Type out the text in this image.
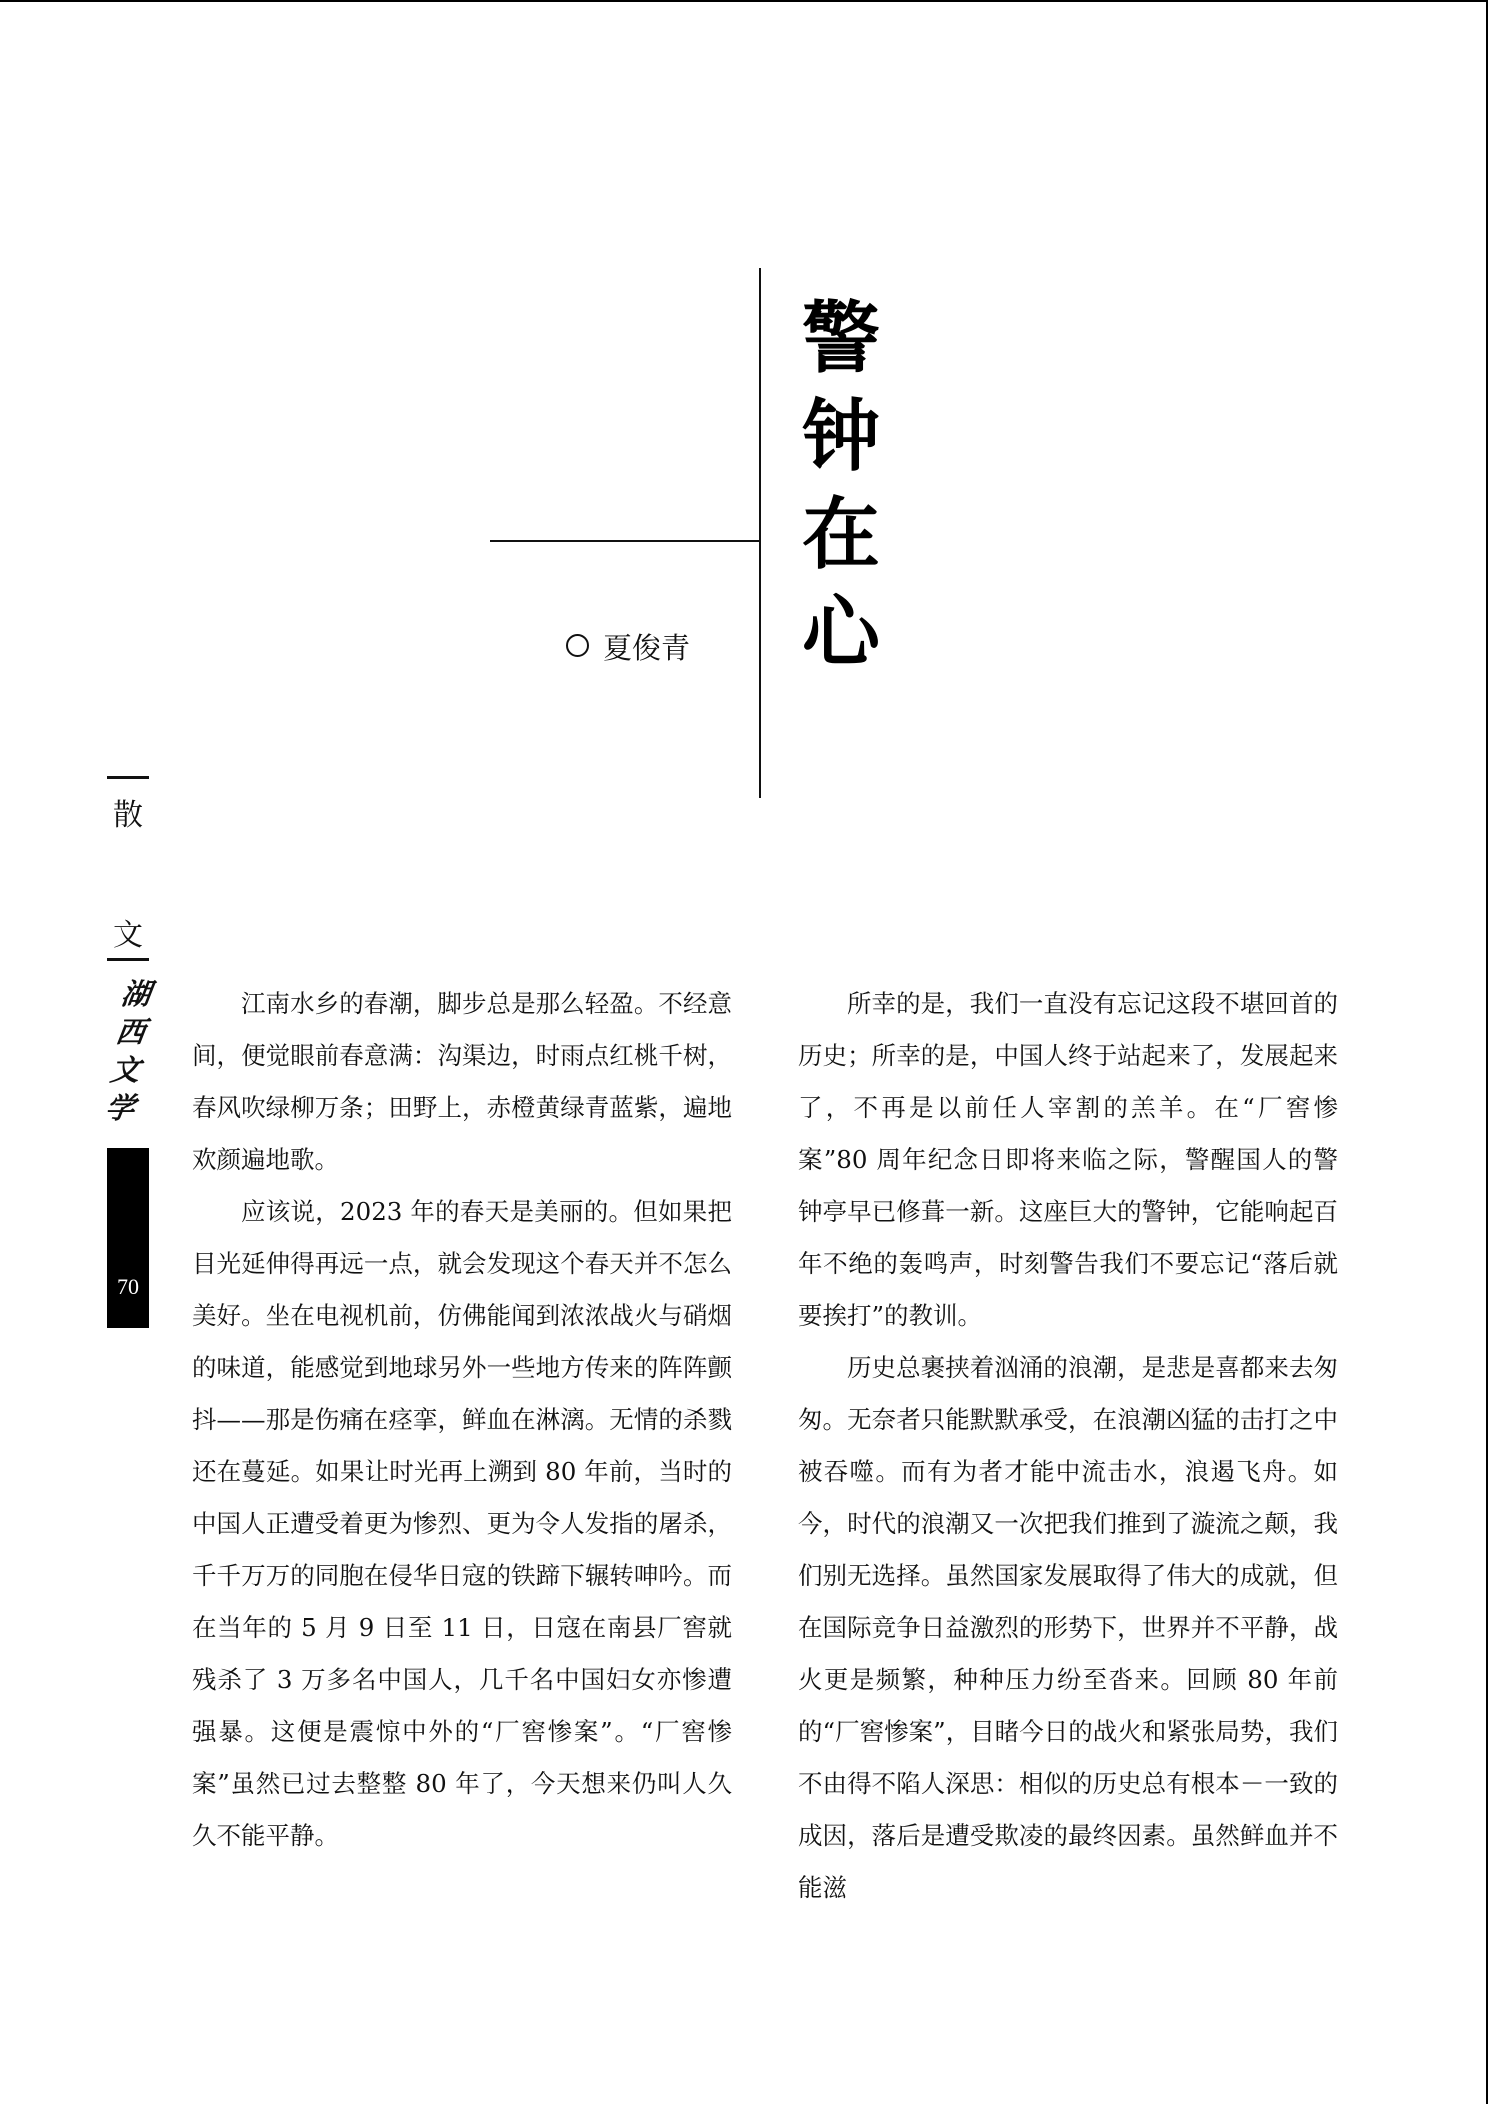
警
钟
在
心
夏俊青
散
文
湖
西
文
学
70

江南水乡的春潮，脚步总是那么轻盈。不经意间，便觉眼前春意满：沟渠边，时雨点红桃千树，春风吹绿柳万条；田野上，赤橙黄绿青蓝紫，遍地欢颜遍地歌。

应该说，2023 年的春天是美丽的。但如果把目光延伸得再远一点，就会发现这个春天并不怎么美好。坐在电视机前，仿佛能闻到浓浓战火与硝烟的味道，能感觉到地球另外一些地方传来的阵阵颤抖——那是伤痛在痉挛，鲜血在淋漓。无情的杀戮还在蔓延。如果让时光再上溯到 80 年前，当时的中国人正遭受着更为惨烈、更为令人发指的屠杀，千千万万的同胞在侵华日寇的铁蹄下辗转呻吟。而在当年的 5 月 9 日至 11 日，日寇在南县厂窖就残杀了 3 万多名中国人，几千名中国妇女亦惨遭强暴。这便是震惊中外的“厂窖惨案”。“厂窖惨案”虽然已过去整整 80 年了，今天想来仍叫人久久不能平静。

所幸的是，我们一直没有忘记这段不堪回首的历史；所幸的是，中国人终于站起来了，发展起来了，不再是以前任人宰割的羔羊。在“厂窖惨案”80 周年纪念日即将来临之际，警醒国人的警钟亭早已修葺一新。这座巨大的警钟，它能响起百年不绝的轰鸣声，时刻警告我们不要忘记“落后就要挨打”的教训。

历史总裹挟着汹涌的浪潮，是悲是喜都来去匆匆。无奈者只能默默承受，在浪潮凶猛的击打之中被吞噬。而有为者才能中流击水，浪遏飞舟。如今，时代的浪潮又一次把我们推到了漩流之颠，我们别无选择。虽然国家发展取得了伟大的成就，但在国际竞争日益激烈的形势下，世界并不平静，战火更是频繁，种种压力纷至沓来。回顾 80 年前的“厂窖惨案”，目睹今日的战火和紧张局势，我们不由得不陷人深思：相似的历史总有根本－一致的成因，落后是遭受欺凌的最终因素。虽然鲜血并不能滋
